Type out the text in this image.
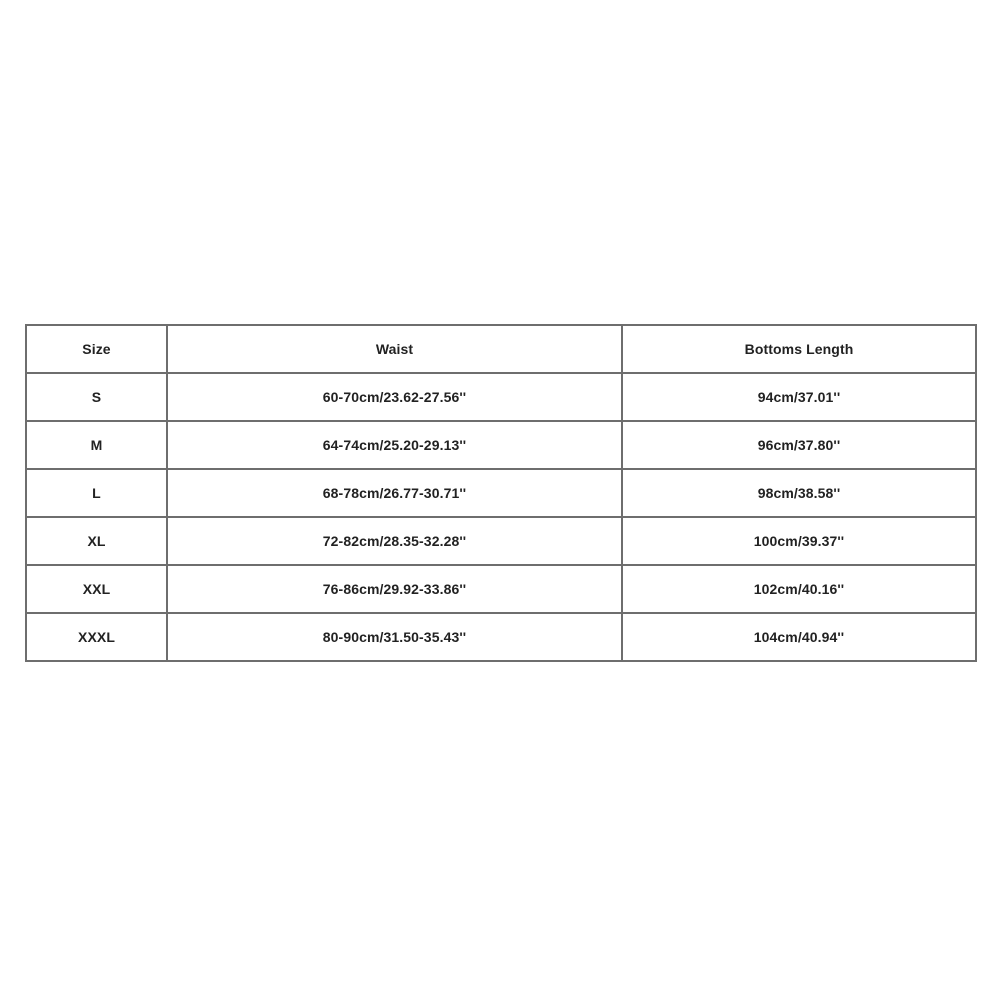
Size	Waist	Bottoms Length
S	60-70cm/23.62-27.56''	94cm/37.01''
M	64-74cm/25.20-29.13''	96cm/37.80''
L	68-78cm/26.77-30.71''	98cm/38.58''
XL	72-82cm/28.35-32.28''	100cm/39.37''
XXL	76-86cm/29.92-33.86''	102cm/40.16''
XXXL	80-90cm/31.50-35.43''	104cm/40.94''
